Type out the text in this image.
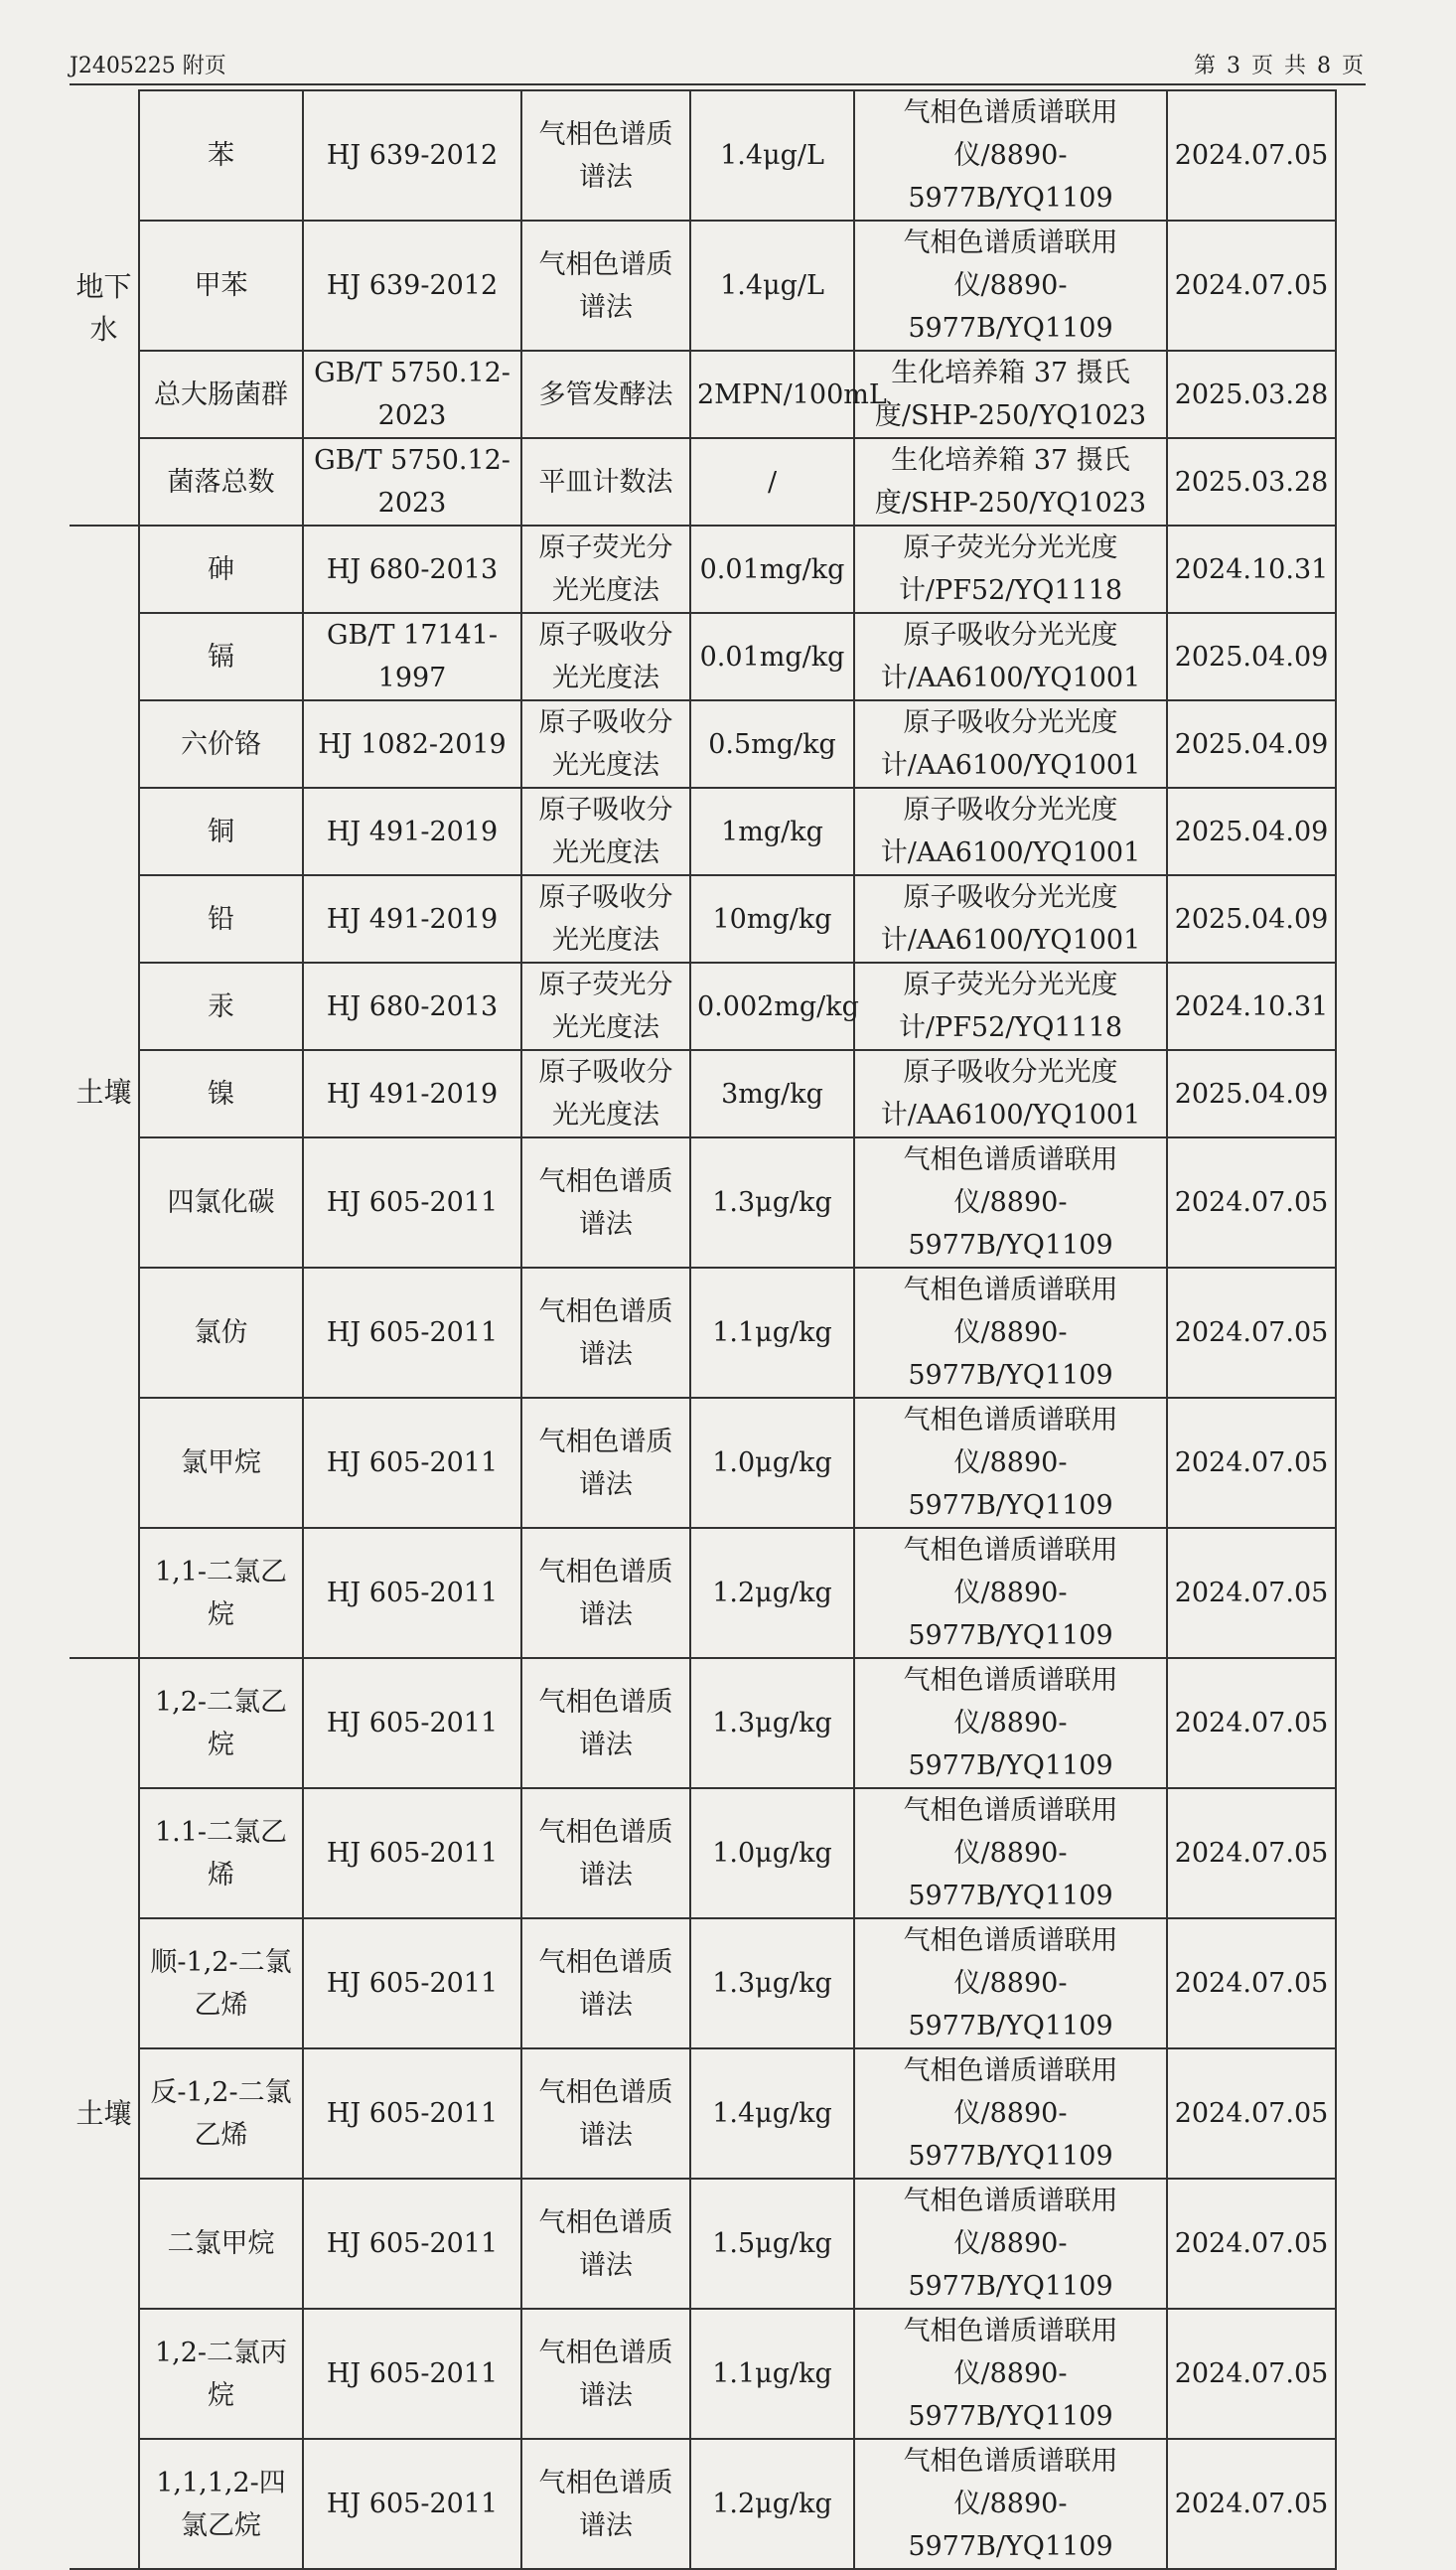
J2405225 附页	第 3 页 共 8 页
地下水	苯	HJ 639-2012	气相色谱质谱法	1.4μg/L	气相色谱质谱联用仪/8890-5977B/YQ1109	2024.07.05
	甲苯	HJ 639-2012	气相色谱质谱法	1.4μg/L	气相色谱质谱联用仪/8890-5977B/YQ1109	2024.07.05
	总大肠菌群	GB/T 5750.12-2023	多管发酵法	2MPN/100mL	生化培养箱 37 摄氏度/SHP-250/YQ1023	2025.03.28
	菌落总数	GB/T 5750.12-2023	平皿计数法	/	生化培养箱 37 摄氏度/SHP-250/YQ1023	2025.03.28
土壤	砷	HJ 680-2013	原子荧光分光光度法	0.01mg/kg	原子荧光分光光度计/PF52/YQ1118	2024.10.31
	镉	GB/T 17141-1997	原子吸收分光光度法	0.01mg/kg	原子吸收分光光度计/AA6100/YQ1001	2025.04.09
	六价铬	HJ 1082-2019	原子吸收分光光度法	0.5mg/kg	原子吸收分光光度计/AA6100/YQ1001	2025.04.09
	铜	HJ 491-2019	原子吸收分光光度法	1mg/kg	原子吸收分光光度计/AA6100/YQ1001	2025.04.09
	铅	HJ 491-2019	原子吸收分光光度法	10mg/kg	原子吸收分光光度计/AA6100/YQ1001	2025.04.09
	汞	HJ 680-2013	原子荧光分光光度法	0.002mg/kg	原子荧光分光光度计/PF52/YQ1118	2024.10.31
	镍	HJ 491-2019	原子吸收分光光度法	3mg/kg	原子吸收分光光度计/AA6100/YQ1001	2025.04.09
	四氯化碳	HJ 605-2011	气相色谱质谱法	1.3μg/kg	气相色谱质谱联用仪/8890-5977B/YQ1109	2024.07.05
	氯仿	HJ 605-2011	气相色谱质谱法	1.1μg/kg	气相色谱质谱联用仪/8890-5977B/YQ1109	2024.07.05
	氯甲烷	HJ 605-2011	气相色谱质谱法	1.0μg/kg	气相色谱质谱联用仪/8890-5977B/YQ1109	2024.07.05
	1,1-二氯乙烷	HJ 605-2011	气相色谱质谱法	1.2μg/kg	气相色谱质谱联用仪/8890-5977B/YQ1109	2024.07.05
土壤	1,2-二氯乙烷	HJ 605-2011	气相色谱质谱法	1.3μg/kg	气相色谱质谱联用仪/8890-5977B/YQ1109	2024.07.05
	1.1-二氯乙烯	HJ 605-2011	气相色谱质谱法	1.0μg/kg	气相色谱质谱联用仪/8890-5977B/YQ1109	2024.07.05
	顺-1,2-二氯乙烯	HJ 605-2011	气相色谱质谱法	1.3μg/kg	气相色谱质谱联用仪/8890-5977B/YQ1109	2024.07.05
	反-1,2-二氯乙烯	HJ 605-2011	气相色谱质谱法	1.4μg/kg	气相色谱质谱联用仪/8890-5977B/YQ1109	2024.07.05
	二氯甲烷	HJ 605-2011	气相色谱质谱法	1.5μg/kg	气相色谱质谱联用仪/8890-5977B/YQ1109	2024.07.05
	1,2-二氯丙烷	HJ 605-2011	气相色谱质谱法	1.1μg/kg	气相色谱质谱联用仪/8890-5977B/YQ1109	2024.07.05
	1,1,1,2-四氯乙烷	HJ 605-2011	气相色谱质谱法	1.2μg/kg	气相色谱质谱联用仪/8890-5977B/YQ1109	2024.07.05
